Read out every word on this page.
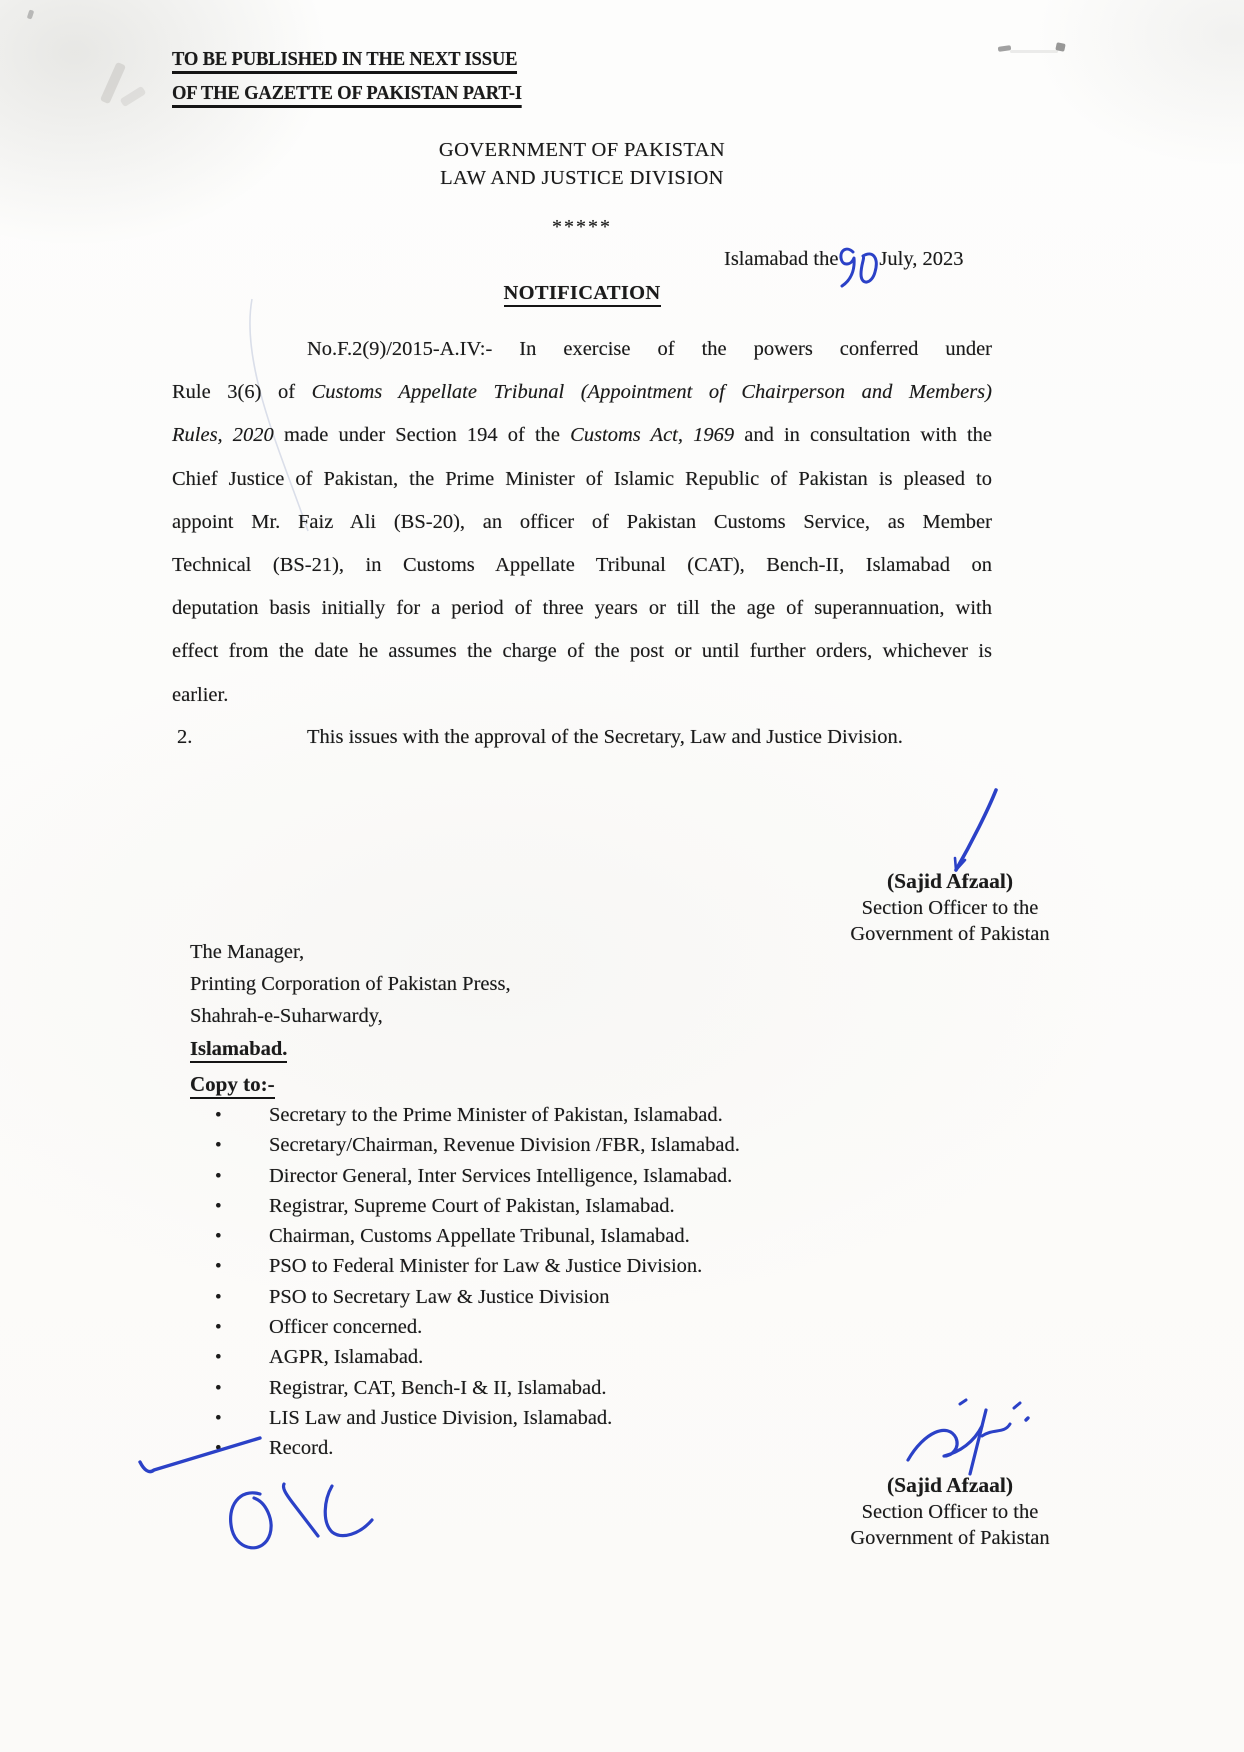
TO BE PUBLISHED IN THE NEXT ISSUE
OF THE GAZETTE OF PAKISTAN PART-I
GOVERNMENT OF PAKISTAN
LAW AND JUSTICE DIVISION
*****
Islamabad the July, 2023
NOTIFICATION
No.F.2(9)/2015-A.IV:- In exercise of the powers conferred under
Rule 3(6) of Customs Appellate Tribunal (Appointment of Chairperson and Members)
Rules, 2020 made under Section 194 of the Customs Act, 1969 and in consultation with the
Chief Justice of Pakistan, the Prime Minister of Islamic Republic of Pakistan is pleased to
appoint Mr. Faiz Ali (BS-20), an officer of Pakistan Customs Service, as Member
Technical (BS-21), in Customs Appellate Tribunal (CAT), Bench-II, Islamabad on
deputation basis initially for a period of three years or till the age of superannuation, with
effect from the date he assumes the charge of the post or until further orders, whichever is
earlier.
2.	This issues with the approval of the Secretary, Law and Justice Division.
(Sajid Afzaal)
Section Officer to the
Government of Pakistan
The Manager,
Printing Corporation of Pakistan Press,
Shahrah-e-Suharwardy,
Islamabad.
Copy to:-
•	Secretary to the Prime Minister of Pakistan, Islamabad.
•	Secretary/Chairman, Revenue Division /FBR, Islamabad.
•	Director General, Inter Services Intelligence, Islamabad.
•	Registrar, Supreme Court of Pakistan, Islamabad.
•	Chairman, Customs Appellate Tribunal, Islamabad.
•	PSO to Federal Minister for Law & Justice Division.
•	PSO to Secretary Law & Justice Division
•	Officer concerned.
•	AGPR, Islamabad.
•	Registrar, CAT, Bench-I & II, Islamabad.
•	LIS Law and Justice Division, Islamabad.
•	Record.
(Sajid Afzaal)
Section Officer to the
Government of Pakistan
